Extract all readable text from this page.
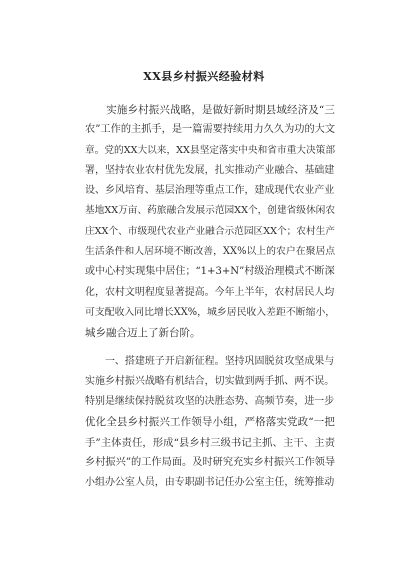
XX县乡村振兴经验材料
　　实施乡村振兴战略，是做好新时期县域经济及“三
农”工作的主抓手，是一篇需要持续用力久久为功的大文
章。党的XX大以来，XX县坚定落实中央和省市重大决策部
署，坚持农业农村优先发展，扎实推动产业融合、基础建
设、乡风培育、基层治理等重点工作，建成现代农业产业
基地XX万亩、药旅融合发展示范园XX个，创建省级休闲农
庄XX个、市级现代农业产业融合示范园区XX个；农村生产
生活条件和人居环境不断改善，XX%以上的农户在聚居点
或中心村实现集中居住；“1+3+N”村级治理模式不断深
化，农村文明程度显著提高。今年上半年，农村居民人均
可支配收入同比增长XX%，城乡居民收入差距不断缩小，
城乡融合迈上了新台阶。
　　一、搭建班子开启新征程。坚持巩固脱贫攻坚成果与
实施乡村振兴战略有机结合，切实做到两手抓、两不误。
特别是继续保持脱贫攻坚的决胜态势、高频节奏，进一步
优化全县乡村振兴工作领导小组，严格落实党政“一把
手”主体责任，形成“县乡村三级书记主抓、主干、主责
乡村振兴”的工作局面。及时研究充实乡村振兴工作领导
小组办公室人员，由专职副书记任办公室主任，统筹推动
